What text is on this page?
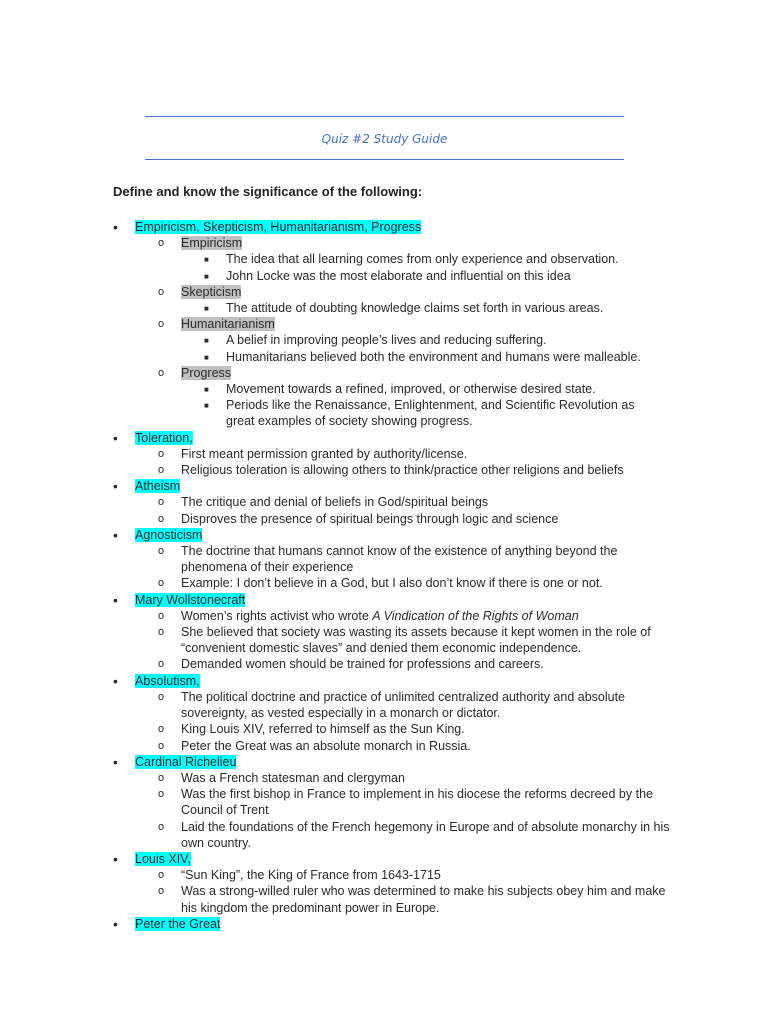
Quiz #2 Study Guide
Define and know the significance of the following:
• Empiricism, Skepticism, Humanitarianism, Progress
o Empiricism
■ The idea that all learning comes from only experience and observation.
■ John Locke was the most elaborate and influential on this idea
o Skepticism
■ The attitude of doubting knowledge claims set forth in various areas.
o Humanitarianism
■ A belief in improving people’s lives and reducing suffering.
■ Humanitarians believed both the environment and humans were malleable.
o Progress
■ Movement towards a refined, improved, or otherwise desired state.
■ Periods like the Renaissance, Enlightenment, and Scientific Revolution as great examples of society showing progress.
• Toleration,
o First meant permission granted by authority/license.
o Religious toleration is allowing others to think/practice other religions and beliefs
• Atheism
o The critique and denial of beliefs in God/spiritual beings
o Disproves the presence of spiritual beings through logic and science
• Agnosticism
o The doctrine that humans cannot know of the existence of anything beyond the phenomena of their experience
o Example: I don’t believe in a God, but I also don’t know if there is one or not.
• Mary Wollstonecraft
o Women’s rights activist who wrote A Vindication of the Rights of Woman
o She believed that society was wasting its assets because it kept women in the role of “convenient domestic slaves” and denied them economic independence.
o Demanded women should be trained for professions and careers.
• Absolutism,
o The political doctrine and practice of unlimited centralized authority and absolute sovereignty, as vested especially in a monarch or dictator.
o King Louis XIV, referred to himself as the Sun King.
o Peter the Great was an absolute monarch in Russia.
• Cardinal Richelieu
o Was a French statesman and clergyman
o Was the first bishop in France to implement in his diocese the reforms decreed by the Council of Trent
o Laid the foundations of the French hegemony in Europe and of absolute monarchy in his own country.
• Louis XIV,
o “Sun King”, the King of France from 1643-1715
o Was a strong-willed ruler who was determined to make his subjects obey him and make his kingdom the predominant power in Europe.
• Peter the Great
